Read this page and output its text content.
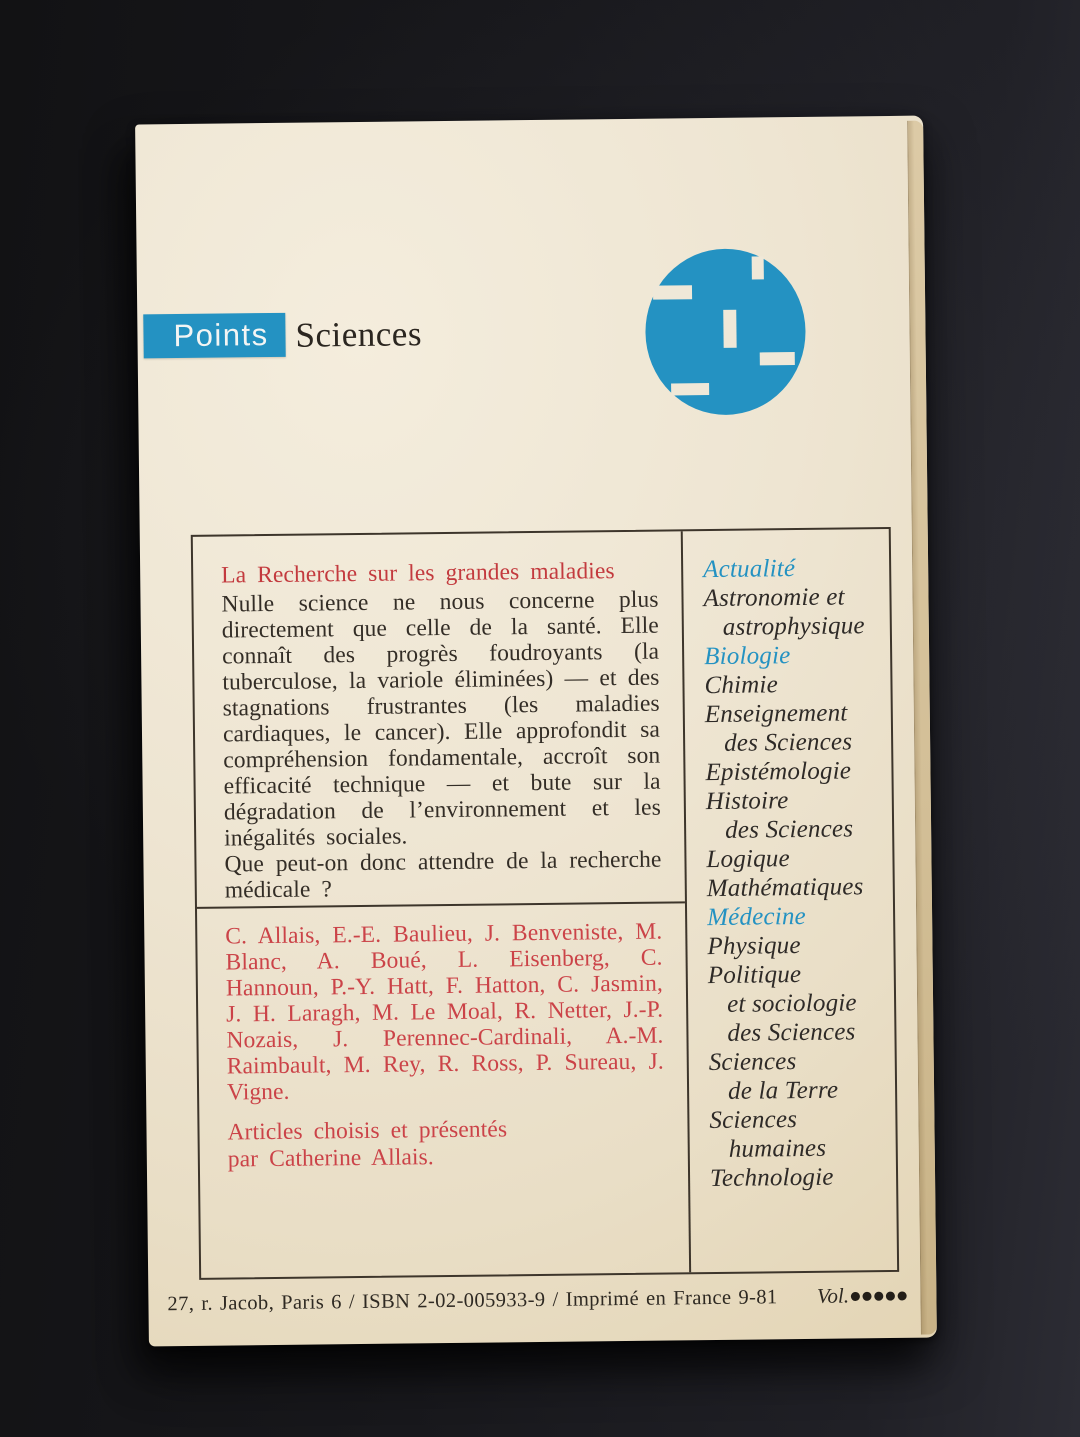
Points Sciences
La Recherche sur les grandes maladies

Nulle science ne nous concerne plus directement que celle de la santé. Elle connaît des progrès foudroyants (la tuberculose, la variole éliminées) — et des stagnations frustrantes (les maladies cardiaques, le cancer). Elle approfondit sa compréhension fondamentale, accroît son efficacité technique — et bute sur la dégradation de l’environnement et les inégalités sociales.

Que peut-on donc attendre de la recherche médicale ?

C. Allais, E.-E. Baulieu, J. Benveniste, M. Blanc, A. Boué, L. Eisenberg, C. Hannoun, P.-Y. Hatt, F. Hatton, C. Jasmin, J. H. Laragh, M. Le Moal, R. Netter, J.-P. Nozais, J. Perennec-Cardinali, A.-M. Raimbault, M. Rey, R. Ross, P. Sureau, J. Vigne.

Articles choisis et présentés
par Catherine Allais.
Actualité
Astronomie et
astrophysique
Biologie
Chimie
Enseignement
des Sciences
Epistémologie
Histoire
des Sciences
Logique
Mathématiques
Médecine
Physique
Politique
et sociologie
des Sciences
Sciences
de la Terre
Sciences
humaines
Technologie
27, r. Jacob, Paris 6 / ISBN 2-02-005933-9 / Imprimé en France 9-81 Vol.●●●●●
